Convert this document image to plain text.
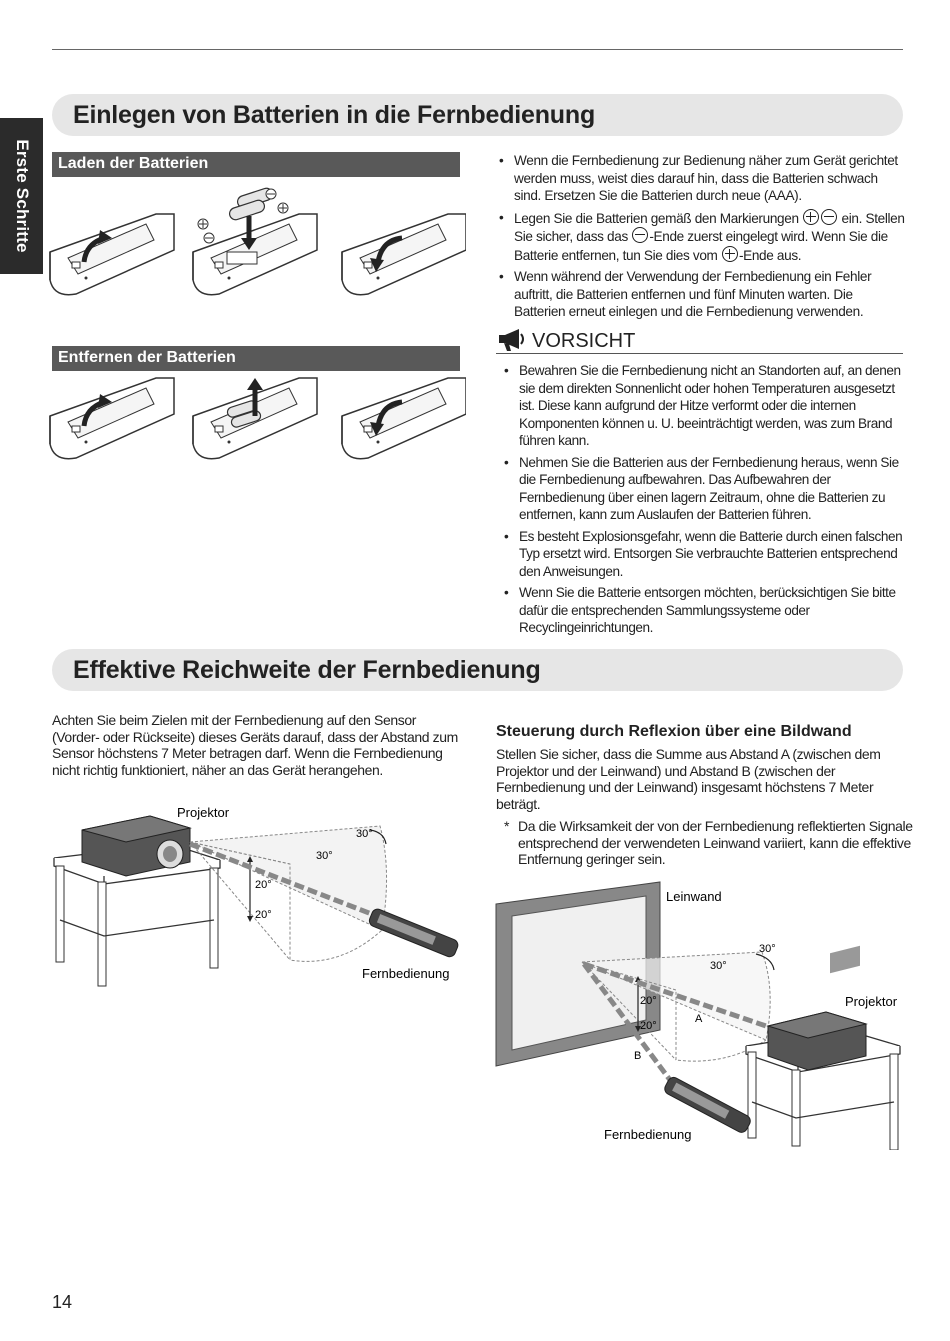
Erste Schritte
Einlegen von Batterien in die Fernbedienung
Laden der Batterien
Entfernen der Batterien
• Wenn die Fernbedienung zur Bedienung näher zum Gerät gerichtet werden muss, weist dies darauf hin, dass die Batterien schwach sind. Ersetzen Sie die Batterien durch neue (AAA).
• Legen Sie die Batterien gemäß den Markierungen	ein. Stellen Sie sicher, dass das -Ende zuerst eingelegt wird. Wenn Sie die Batterie entfernen, tun Sie dies vom -Ende aus.
• Wenn während der Verwendung der Fernbedienung ein Fehler auftritt, die Batterien entfernen und fünf Minuten warten. Die Batterien erneut einlegen und die Fernbedienung verwenden.
VORSICHT
• Bewahren Sie die Fernbedienung nicht an Standorten auf, an denen sie dem direkten Sonnenlicht oder hohen Temperaturen ausgesetzt ist. Diese kann aufgrund der Hitze verformt oder die internen Komponenten können u. U. beeinträchtigt werden, was zum Brand führen kann.
• Nehmen Sie die Batterien aus der Fernbedienung heraus, wenn Sie die Fernbedienung aufbewahren. Das Aufbewahren der Fernbedienung über einen lagern Zeitraum, ohne die Batterien zu entfernen, kann zum Auslaufen der Batterien führen.
• Es besteht Explosionsgefahr, wenn die Batterie durch einen falschen Typ ersetzt wird. Entsorgen Sie verbrauchte Batterien entsprechend den Anweisungen.
• Wenn Sie die Batterie entsorgen möchten, berücksichtigen Sie bitte dafür die entsprechenden Sammlungssysteme oder Recyclingeinrichtungen.
Effektive Reichweite der Fernbedienung
Achten Sie beim Zielen mit der Fernbedienung auf den Sensor (Vorder- oder Rückseite) dieses Geräts darauf, dass der Abstand zum Sensor höchstens 7 Meter betragen darf. Wenn die Fernbedienung nicht richtig funktioniert, näher an das Gerät herangehen.
Projektor
Fernbedienung
30°
30°
20°
20°
Steuerung durch Reflexion über eine Bildwand
Stellen Sie sicher, dass die Summe aus Abstand A (zwischen dem Projektor und der Leinwand) und Abstand B (zwischen der Fernbedienung und der Leinwand) insgesamt höchstens 7 Meter beträgt.
* Da die Wirksamkeit der von der Fernbedienung reflektierten Signale entsprechend der verwendeten Leinwand variiert, kann die effektive Entfernung geringer sein.
Leinwand
Projektor
Fernbedienung
30°
30°
20°
20°
A
B
14
